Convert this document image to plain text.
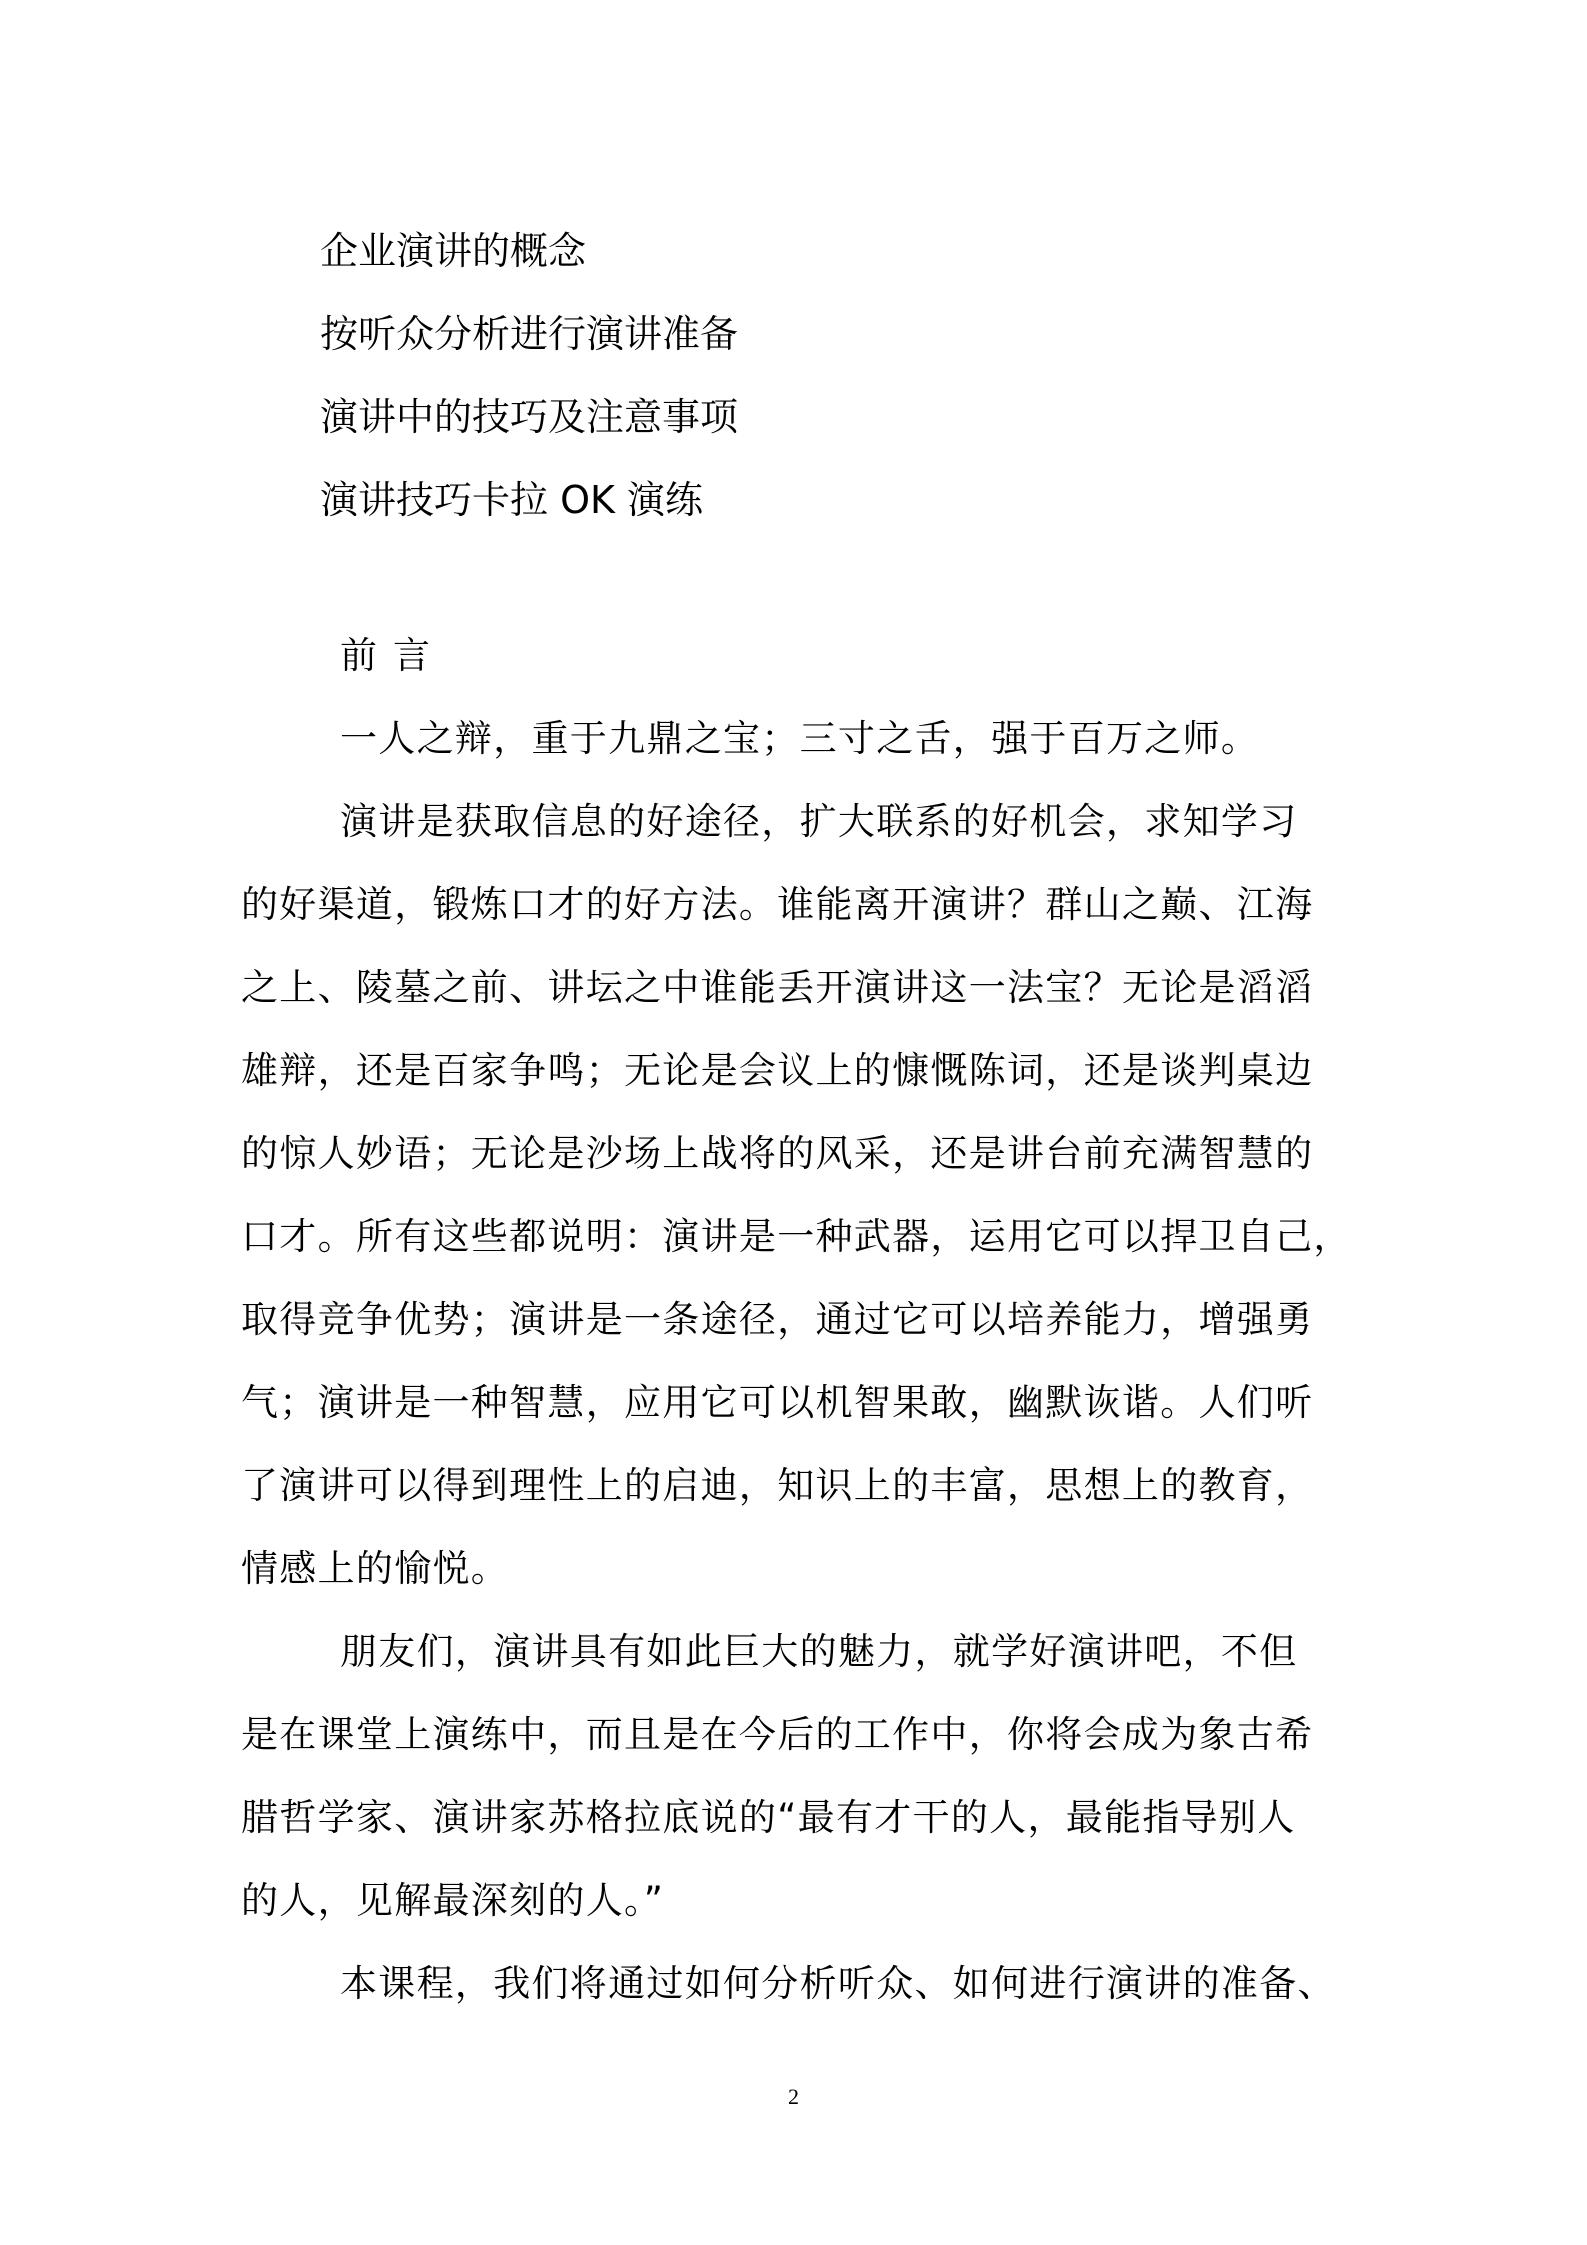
企业演讲的概念
按听众分析进行演讲准备
演讲中的技巧及注意事项
演讲技巧卡拉 OK 演练
前 言
一人之辩，重于九鼎之宝；三寸之舌，强于百万之师。
演讲是获取信息的好途径，扩大联系的好机会，求知学习
的好渠道，锻炼口才的好方法。谁能离开演讲？群山之巅、江海
之上、陵墓之前、讲坛之中谁能丢开演讲这一法宝？无论是滔滔
雄辩，还是百家争鸣；无论是会议上的慷慨陈词，还是谈判桌边
的惊人妙语；无论是沙场上战将的风采，还是讲台前充满智慧的
口才。所有这些都说明：演讲是一种武器，运用它可以捍卫自己，
取得竞争优势；演讲是一条途径，通过它可以培养能力，增强勇
气；演讲是一种智慧，应用它可以机智果敢，幽默诙谐。人们听
了演讲可以得到理性上的启迪，知识上的丰富，思想上的教育，
情感上的愉悦。
朋友们，演讲具有如此巨大的魅力，就学好演讲吧，不但
是在课堂上演练中，而且是在今后的工作中，你将会成为象古希
腊哲学家、演讲家苏格拉底说的“最有才干的人，最能指导别人
的人，见解最深刻的人。”
本课程，我们将通过如何分析听众、如何进行演讲的准备、
2
